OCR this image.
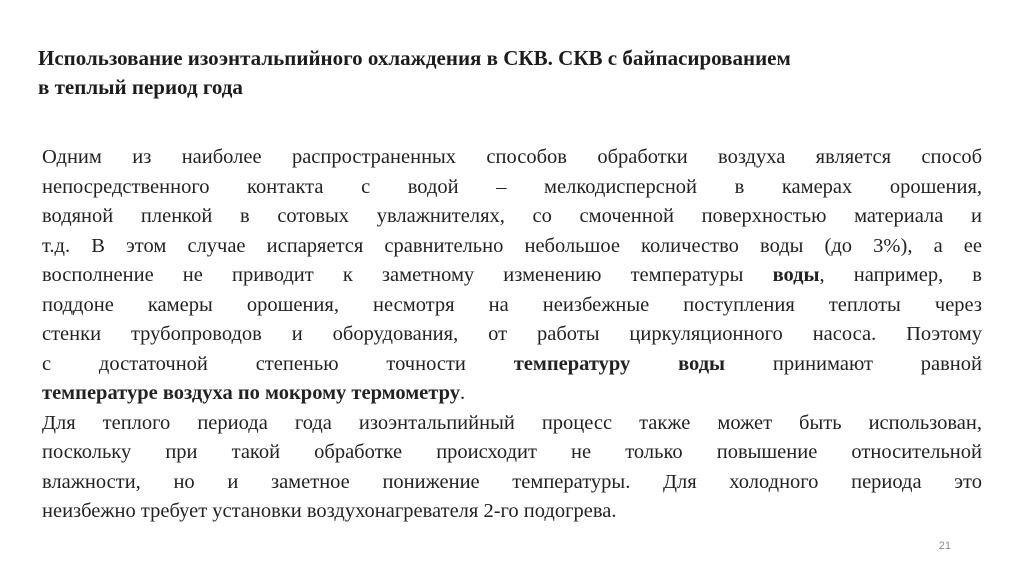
Использование изоэнтальпийного охлаждения в СКВ. СКВ с байпасированием
в теплый период года
Одним из наиболее распространенных способов обработки воздуха является способ
непосредственного контакта с водой – мелкодисперсной в камерах орошения,
водяной пленкой в сотовых увлажнителях, со смоченной поверхностью материала и
т.д. В этом случае испаряется сравнительно небольшое количество воды (до 3%), а ее
восполнение не приводит к заметному изменению температуры воды, например, в
поддоне камеры орошения, несмотря на неизбежные поступления теплоты через
стенки трубопроводов и оборудования, от работы циркуляционного насоса. Поэтому
с достаточной степенью точности температуру воды принимают равной
температуре воздуха по мокрому термометру.
Для теплого периода года изоэнтальпийный процесс также может быть использован,
поскольку при такой обработке происходит не только повышение относительной
влажности, но и заметное понижение температуры. Для холодного периода это
неизбежно требует установки воздухонагревателя 2-го подогрева.
21
